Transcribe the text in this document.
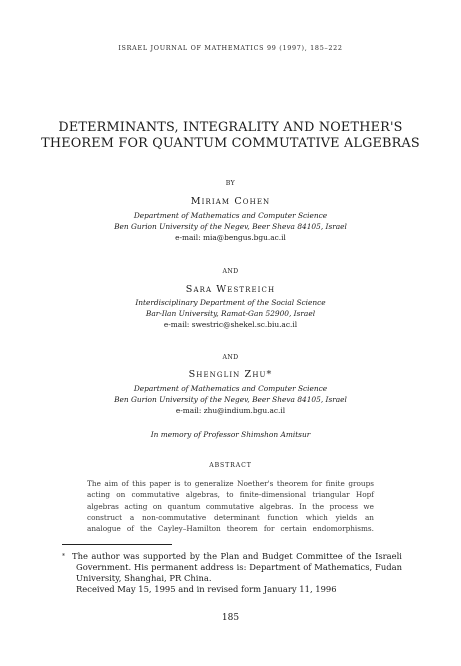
ISRAEL JOURNAL OF MATHEMATICS 99 (1997), 185–222
DETERMINANTS, INTEGRALITY AND NOETHER'S
THEOREM FOR QUANTUM COMMUTATIVE ALGEBRAS
BY
Miriam Cohen
Department of Mathematics and Computer Science
Ben Gurion University of the Negev, Beer Sheva 84105, Israel
e-mail: mia@bengus.bgu.ac.il
AND
Sara Westreich
Interdisciplinary Department of the Social Science
Bar-Ilan University, Ramat-Gan 52900, Israel
e-mail: swestric@shekel.sc.biu.ac.il
AND
Shenglin Zhu*
Department of Mathematics and Computer Science
Ben Gurion University of the Negev, Beer Sheva 84105, Israel
e-mail: zhu@indium.bgu.ac.il
In memory of Professor Shimshon Amitsur
ABSTRACT
The aim of this paper is to generalize Noether's theorem for finite groups
acting on commutative algebras, to finite-dimensional triangular Hopf
algebras acting on quantum commutative algebras. In the process we
construct a non-commutative determinant function which yields an
analogue of the Cayley–Hamilton theorem for certain endomorphisms.
* The author was supported by the Plan and Budget Committee of the Israeli
Government. His permanent address is: Department of Mathematics, Fudan
University, Shanghai, PR China.
Received May 15, 1995 and in revised form January 11, 1996
185
